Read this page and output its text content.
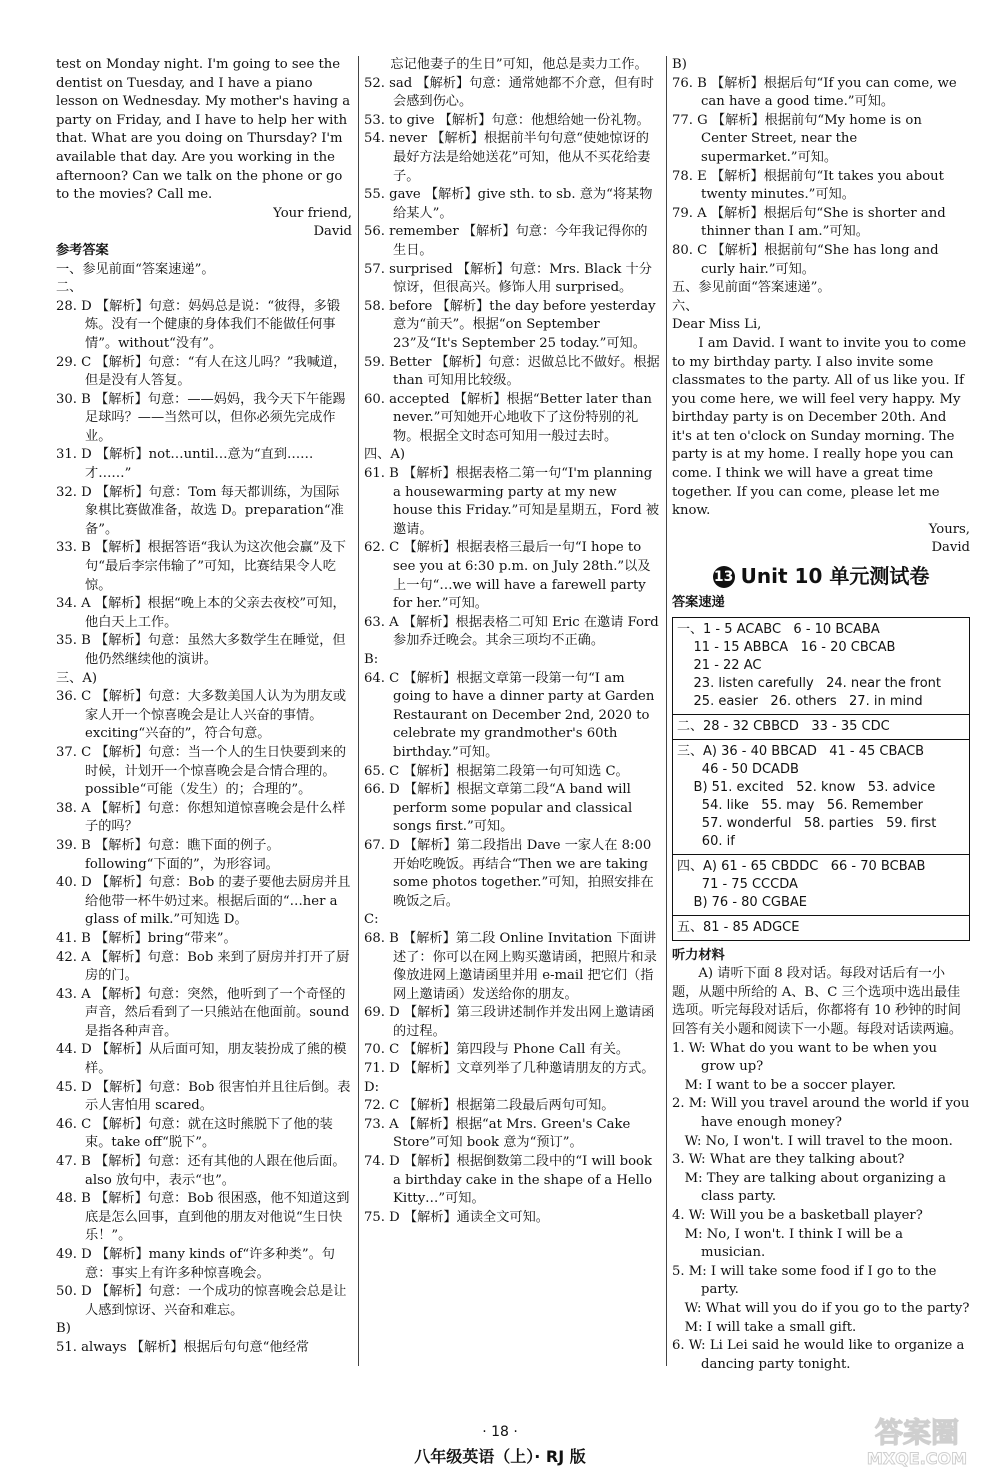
test on Monday night. I'm going to see the dentist on Tuesday, and I have a piano lesson on Wednesday. My mother's having a party on Friday, and I have to help her with that. What are you doing on Thursday? I'm available that day. Are you working in the afternoon? Can we talk on the phone or go to the movies? Call me.
Your friend,
David
参考答案
一、参见前面“答案速递”。
二、
28. D 【解析】句意：妈妈总是说：“彼得，多锻炼。没有一个健康的身体我们不能做任何事情”。without“没有”。
29. C 【解析】句意：“有人在这儿吗？”我喊道，但是没有人答复。
30. B 【解析】句意：——妈妈，我今天下午能踢足球吗？——当然可以，但你必须先完成作业。
31. D 【解析】not…until…意为“直到……才……”
32. D 【解析】句意：Tom 每天都训练，为国际象棋比赛做准备，故选 D。preparation“准备”。
33. B 【解析】根据答语“我认为这次他会赢”及下句“最后李宗伟输了”可知，比赛结果令人吃惊。
34. A 【解析】根据“晚上本的父亲去夜校”可知，他白天上工作。
35. B 【解析】句意：虽然大多数学生在睡觉，但他仍然继续他的演讲。
三、A)
36. C 【解析】句意：大多数美国人认为为朋友或家人开一个惊喜晚会是让人兴奋的事情。exciting“兴奋的”，符合句意。
37. C 【解析】句意：当一个人的生日快要到来的时候，计划开一个惊喜晚会是合情合理的。possible“可能（发生）的；合理的”。
38. A 【解析】句意：你想知道惊喜晚会是什么样子的吗？
39. B 【解析】句意：瞧下面的例子。following“下面的”，为形容词。
40. D 【解析】句意：Bob 的妻子要他去厨房并且给他带一杯牛奶过来。根据后面的“…her a glass of milk.”可知选 D。
41. B 【解析】bring“带来”。
42. A 【解析】句意：Bob 来到了厨房并打开了厨房的门。
43. A 【解析】句意：突然，他听到了一个奇怪的声音，然后看到了一只熊站在他面前。sound 是指各种声音。
44. D 【解析】从后面可知，朋友装扮成了熊的模样。
45. D 【解析】句意：Bob 很害怕并且往后倒。表示人害怕用 scared。
46. C 【解析】句意：就在这时熊脱下了他的装束。take off“脱下”。
47. B 【解析】句意：还有其他的人跟在他后面。also 放句中，表示“也”。
48. B 【解析】句意：Bob 很困惑，他不知道这到底是怎么回事，直到他的朋友对他说“生日快乐！”。
49. D 【解析】many kinds of“许多种类”。句意：事实上有许多种惊喜晚会。
50. D 【解析】句意：一个成功的惊喜晚会总是让人感到惊讶、兴奋和难忘。
B)
51. always 【解析】根据后句句意“他经常
忘记他妻子的生日”可知，他总是卖力工作。
52. sad 【解析】句意：通常她都不介意，但有时会感到伤心。
53. to give 【解析】句意：他想给她一份礼物。
54. never 【解析】根据前半句句意“使她惊讶的最好方法是给她送花”可知，他从不买花给妻子。
55. gave 【解析】give sth. to sb. 意为“将某物给某人”。
56. remember 【解析】句意：今年我记得你的生日。
57. surprised 【解析】句意：Mrs. Black 十分惊讶，但很高兴。修饰人用 surprised。
58. before 【解析】the day before yesterday 意为“前天”。根据“on September 23”及“It's September 25 today.”可知。
59. Better 【解析】句意：迟做总比不做好。根据 than 可知用比较级。
60. accepted 【解析】根据“Better later than never.”可知她开心地收下了这份特别的礼物。根据全文时态可知用一般过去时。
四、A)
61. B 【解析】根据表格二第一句“I'm planning a housewarming party at my new house this Friday.”可知是星期五，Ford 被邀请。
62. C 【解析】根据表格三最后一句“I hope to see you at 6:30 p.m. on July 28th.”以及上一句“…we will have a farewell party for her.”可知。
63. A 【解析】根据表格二可知 Eric 在邀请 Ford 参加乔迁晚会。其余三项均不正确。
B:
64. C 【解析】根据文章第一段第一句“I am going to have a dinner party at Garden Restaurant on December 2nd, 2020 to celebrate my grandmother's 60th birthday.”可知。
65. C 【解析】根据第二段第一句可知选 C。
66. D 【解析】根据文章第二段“A band will perform some popular and classical songs first.”可知。
67. D 【解析】第二段指出 Dave 一家人在 8:00 开始吃晚饭。再结合“Then we are taking some photos together.”可知，拍照安排在晚饭之后。
C:
68. B 【解析】第二段 Online Invitation 下面讲述了：你可以在网上购买邀请函，把照片和录像放进网上邀请函里并用 e-mail 把它们（指网上邀请函）发送给你的朋友。
69. D 【解析】第三段讲述制作并发出网上邀请函的过程。
70. C 【解析】第四段与 Phone Call 有关。
71. D 【解析】文章列举了几种邀请朋友的方式。
D:
72. C 【解析】根据第二段最后两句可知。
73. A 【解析】根据“at Mrs. Green's Cake Store”可知 book 意为“预订”。
74. D 【解析】根据倒数第二段中的“I will book a birthday cake in the shape of a Hello Kitty…”可知。
75. D 【解析】通读全文可知。
B)
76. B 【解析】根据后句“If you can come, we can have a good time.”可知。
77. G 【解析】根据前句“My home is on Center Street, near the supermarket.”可知。
78. E 【解析】根据前句“It takes you about twenty minutes.”可知。
79. A 【解析】根据后句“She is shorter and thinner than I am.”可知。
80. C 【解析】根据前句“She has long and curly hair.”可知。
五、参见前面“答案速递”。
六、
Dear Miss Li,
I am David. I want to invite you to come to my birthday party. I also invite some classmates to the party. All of us like you. If you come here, we will feel very happy. My birthday party is on December 20th. And it's at ten o'clock on Sunday morning. The party is at my home. I really hope you can come. I think we will have a great time together. If you can come, please let me know.
Yours,
David
13 Unit 10 单元测试卷
答案速递
一、1 - 5 ACABC   6 - 10 BCABA
11 - 15 ABBCA   16 - 20 CBCAB
21 - 22 AC
23. listen carefully   24. near the front
25. easier   26. others   27. in mind
二、28 - 32 CBBCD   33 - 35 CDC
三、A) 36 - 40 BBCAD   41 - 45 CBACB
46 - 50 DCADB
B) 51. excited   52. know   53. advice
54. like   55. may   56. Remember
57. wonderful   58. parties   59. first
60. if
四、A) 61 - 65 CBDDC   66 - 70 BCBAB
71 - 75 CCCDA
B) 76 - 80 CGBAE
五、81 - 85 ADGCE
听力材料
A) 请听下面 8 段对话。每段对话后有一小题，从题中所给的 A、B、C 三个选项中选出最佳选项。听完每段对话后，你都将有 10 秒钟的时间回答有关小题和阅读下一小题。每段对话读两遍。
1. W: What do you want to be when you grow up?
M: I want to be a soccer player.
2. M: Will you travel around the world if you have enough money?
W: No, I won't. I will travel to the moon.
3. W: What are they talking about?
M: They are talking about organizing a class party.
4. W: Will you be a basketball player?
M: No, I won't. I think I will be a musician.
5. M: I will take some food if I go to the party.
W: What will you do if you go to the party?
M: I will take a small gift.
6. W: Li Lei said he would like to organize a dancing party tonight.
· 18 ·
八年级英语（上）· RJ 版
答案圈
MXQE.COM
